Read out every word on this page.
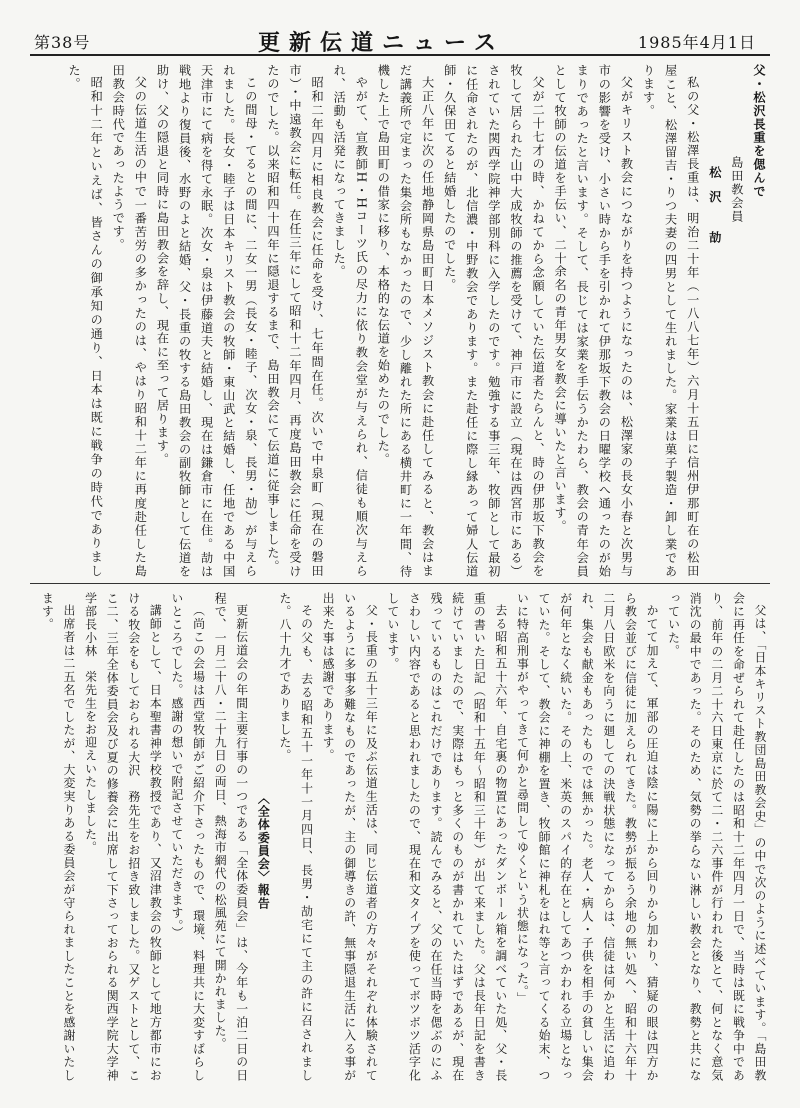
第38号	更新伝道ニュース	1985年4月1日

父・松沢長重を偲んで

島田教会員
松沢 劼

私の父・松澤長重は、明治二十年（一八八七年）六月十五日に信州伊那町在の松田屋こと、松澤留吉・りつ夫妻の四男として生れました。家業は菓子製造・卸し業であります。

父がキリスト教会につながりを持つようになったのは、松澤家の長女小春と次男与市の影響を受け、小さい時から手を引かれて伊那坂下教会の日曜学校へ通ったのが始まりであったと言います。そして、長じては家業を手伝うかたわら、教会の青年会員として牧師の伝道を手伝い、二十余名の青年男女を教会に導いたと言います。

父が二十七才の時、かねてから念願していた伝道者たらんと、時の伊那坂下教会を牧して居られた山中大成牧師の推薦を受けて、神戸市に設立（現在は西宮市にある）されていた関西学院神学部別科に入学したのです。勉強する事三年、牧師として最初に任命されたのが、北信濃・中野教会であります。また赴任に際し縁あって婦人伝道師・久保田てると結婚したのでした。

大正八年に次の任地静岡県島田町日本メソジスト教会に赴任してみると、教会はまだ講義所で定まった集会所もなかったので、少し離れた所にある横井町に一年間、待機した上で島田町の借家に移り、本格的な伝道を始めたのでした。

やがて、宣教師H・Hコーツ氏の尽力に依り教会堂が与えられ、信徒も順次与えられ、活動も活発になってきました。

昭和二年四月に相良教会に任命を受け、七年間在任。次いで中泉町（現在の磐田市）・中遠教会に転任。在任三年にして昭和十二年四月、再度島田教会に任命を受けたのでした。以来昭和四十四年に隠退するまで、島田教会にて伝道に従事しました。

この間母・てるとの間に、二女一男（長女・睦子、次女・泉、長男・劼）が与えられました。長女・睦子は日本キリスト教会の牧師・東山武と結婚し、任地である中国天津市にて病を得て永眠。次女・泉は伊藤道夫と結婚し、現在は鎌倉市に在住。劼は戦地より復員後、水野のよと結婚、父・長重の牧する島田教会の副牧師として伝道を助け、父の隠退と同時に島田教会を辞し、現在に至って居ります。

父の伝道生活の中で一番苦労の多かったのは、やはり昭和十二年に再度赴任した島田教会時代であったようです。

昭和十二年といえば、皆さんの御承知の通り、日本は既に戦争の時代でありました。

父は、「日本キリスト教団島田教会史」の中で次のように述べています。「島田教会に再任を命ぜられて赴任したのは昭和十二年四月一日で、当時は既に戦争中であり、前年の二月二十六日東京に於て二・二六事件が行われた後とて、何となく意気消沈の最中であった。そのため、気勢の挙らない淋しい教会となり、教勢と共になっていた。

かてて加えて、軍部の圧迫は陰に陽に上から回りから加わり、猜疑の眼は四方から教会並びに信徒に加えられてきた。教勢が振るう余地の無い処へ、昭和十六年十二月八日欧米を向うに廻しての決戦状態になってからは、信徒は何かと生活に追われ、集会も献金もあったものでは無かった。老人・病人・子供を相手の貧しい集会が何年となく続いた。その上、米英のスパイ的存在としてあつかわれる立場となっていた。そして、教会に神棚を置き、牧師館に神札をはれ等と言ってくる始末、ついに特高刑事がやってきて何かと尋問してゆくという状態になった。」

去る昭和五十六年、自宅裏の物置にあったダンボール箱を調べていた処、父・長重の書いた日記（昭和十五年〜昭和三十年）が出て来ました。父は長年日記を書き続けていましたので、実際はもっと多くのものが書かれていたはずであるが、現在残っているものはこれだけであります。読んでみると、父の在任当時を偲ぶのにふさわしい内容であると思われましたので、現在和文タイプを使ってボツボツ活字化しています。

父・長重の五十三年に及ぶ伝道生活は、同じ伝道者の方々がそれぞれ体験されているように多事多難なものであったが、主の御導きの許、無事隠退生活に入る事が出来た事は感謝であります。

その父も、去る昭和五十一年十一月四日、長男・劼宅にて主の許に召されました。八十九才でありました。

〈全体委員会〉報告

更新伝道会の年間主要行事の一つである「全体委員会」は、今年も一泊二日の日程で、一月二十八・二十九日の両日、熱海市網代の松風苑にて開かれました。

（尚この会場は西堂牧師がご紹介下さったもので、環境、料理共に大変すばらしいところでした。感謝の想いで附記させていただきます。）

講師として、日本聖書神学校教授であり、又沼津教会の牧師として地方都市における牧会をもしておられる大沢　務先生をお招き致しました。又ゲストとして、ここ二、三年全体委員会及び夏の修養会に出席して下さっておられる関西学院大学神学部長小林　栄先生をお迎えいたしました。

出席者は二五名でしたが、大変実りある委員会が守られましたことを感謝いたします。
